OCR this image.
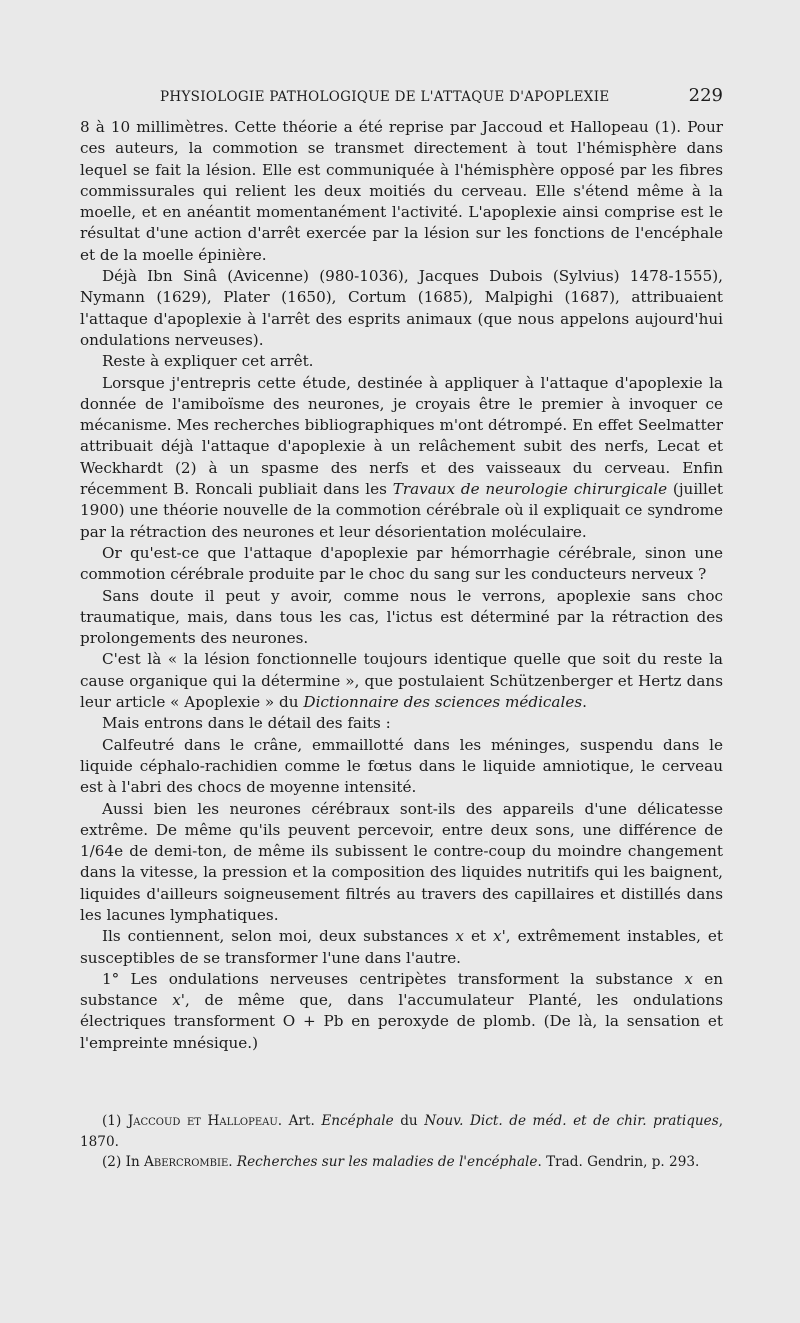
PHYSIOLOGIE PATHOLOGIQUE DE L'ATTAQUE D'APOPLEXIE	229

8 à 10 millimètres. Cette théorie a été reprise par Jaccoud et Hallopeau (1). Pour ces auteurs, la commotion se transmet directement à tout l'hémisphère dans lequel se fait la lésion. Elle est communiquée à l'hémisphère opposé par les fibres commissurales qui relient les deux moitiés du cerveau. Elle s'étend même à la moelle, et en anéantit momentanément l'activité. L'apoplexie ainsi comprise est le résultat d'une action d'arrêt exercée par la lésion sur les fonctions de l'encéphale et de la moelle épinière.

Déjà Ibn Sinâ (Avicenne) (980-1036), Jacques Dubois (Sylvius) 1478-1555), Nymann (1629), Plater (1650), Cortum (1685), Malpighi (1687), attribuaient l'attaque d'apoplexie à l'arrêt des esprits animaux (que nous appelons aujourd'hui ondulations nerveuses).

Reste à expliquer cet arrêt.

Lorsque j'entrepris cette étude, destinée à appliquer à l'attaque d'apoplexie la donnée de l'amiboïsme des neurones, je croyais être le premier à invoquer ce mécanisme. Mes recherches bibliographiques m'ont détrompé. En effet Seelmatter attribuait déjà l'attaque d'apoplexie à un relâchement subit des nerfs, Lecat et Weckhardt (2) à un spasme des nerfs et des vaisseaux du cerveau. Enfin récemment B. Roncali publiait dans les Travaux de neurologie chirurgicale (juillet 1900) une théorie nouvelle de la commotion cérébrale où il expliquait ce syndrome par la rétraction des neurones et leur désorientation moléculaire.

Or qu'est-ce que l'attaque d'apoplexie par hémorrhagie cérébrale, sinon une commotion cérébrale produite par le choc du sang sur les conducteurs nerveux ?

Sans doute il peut y avoir, comme nous le verrons, apoplexie sans choc traumatique, mais, dans tous les cas, l'ictus est déterminé par la rétraction des prolongements des neurones.

C'est là « la lésion fonctionnelle toujours identique quelle que soit du reste la cause organique qui la détermine », que postulaient Schützenberger et Hertz dans leur article « Apoplexie » du Dictionnaire des sciences médicales.

Mais entrons dans le détail des faits :

Calfeutré dans le crâne, emmaillotté dans les méninges, suspendu dans le liquide céphalo-rachidien comme le fœtus dans le liquide amniotique, le cerveau est à l'abri des chocs de moyenne intensité.

Aussi bien les neurones cérébraux sont-ils des appareils d'une délicatesse extrême. De même qu'ils peuvent percevoir, entre deux sons, une différence de 1/64e de demi-ton, de même ils subissent le contre-coup du moindre changement dans la vitesse, la pression et la composition des liquides nutritifs qui les baignent, liquides d'ailleurs soigneusement filtrés au travers des capillaires et distillés dans les lacunes lymphatiques.

Ils contiennent, selon moi, deux substances x et x', extrêmement instables, et susceptibles de se transformer l'une dans l'autre.

1° Les ondulations nerveuses centripètes transforment la substance x en substance x', de même que, dans l'accumulateur Planté, les ondulations électriques transforment O + Pb en peroxyde de plomb. (De là, la sensation et l'empreinte mnésique.)

(1) Jaccoud et Hallopeau. Art. Encéphale du Nouv. Dict. de méd. et de chir. pratiques, 1870.

(2) In Abercrombie. Recherches sur les maladies de l'encéphale. Trad. Gendrin, p. 293.
